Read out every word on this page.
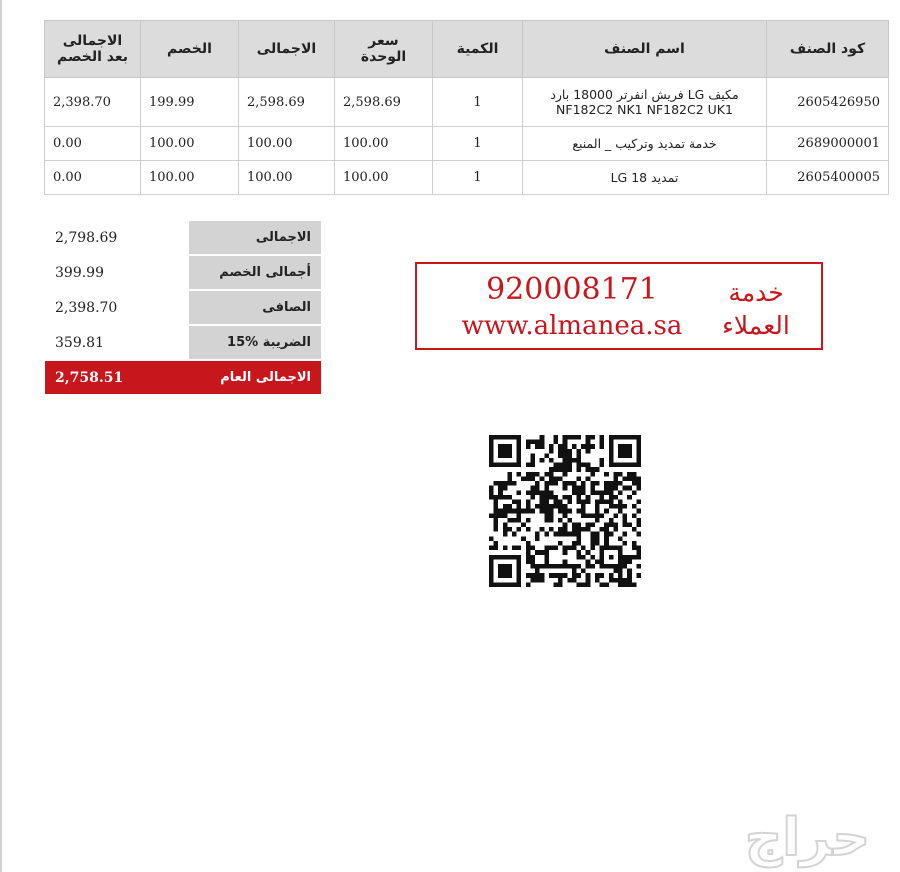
كود الصنف	اسم الصنف	الكمية	سعر الوحدة	الاجمالى	الخصم	الاجمالى بعد الخصم
2605426950	مكيف LG فريش انفرتر 18000 بارد NF182C2 NK1 NF182C2 UK1	1	2,598.69	2,598.69	199.99	2,398.70
2689000001	خدمة تمديد وتركيب _ المنبع	1	100.00	100.00	100.00	0.00
2605400005	تمديد LG 18	1	100.00	100.00	100.00	0.00
الاجمالى	2,798.69
أجمالى الخصم	399.99
الصافى	2,398.70
الضريبة %15	359.81
الاجمالى العام	2,758.51
خدمة
العملاء
920008171
www.almanea.sa
حراج
